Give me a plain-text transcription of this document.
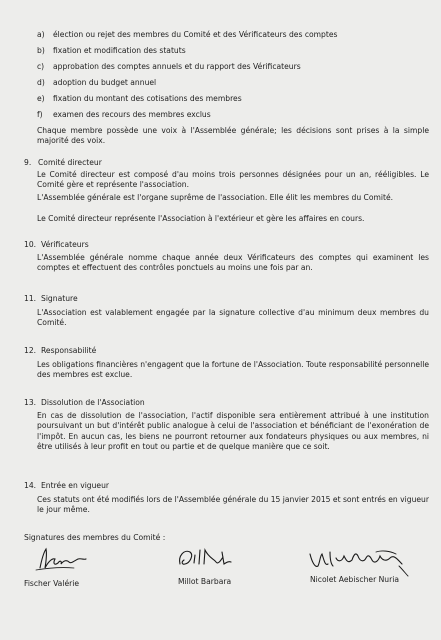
a) élection ou rejet des membres du Comité et des Vérificateurs des comptes
b) fixation et modification des statuts
c) approbation des comptes annuels et du rapport des Vérificateurs
d) adoption du budget annuel
e) fixation du montant des cotisations des membres
f) examen des recours des membres exclus
Chaque membre possède une voix à l'Assemblée générale; les décisions sont prises à la simple majorité des voix.
9. Comité directeur
Le Comité directeur est composé d'au moins trois personnes désignées pour un an, rééligibles. Le Comité gère et représente l'association.
L'Assemblée générale est l'organe suprême de l'association. Elle élit les membres du Comité.
Le Comité directeur représente l'Association à l'extérieur et gère les affaires en cours.
10. Vérificateurs
L'Assemblée générale nomme chaque année deux Vérificateurs des comptes qui examinent les comptes et effectuent des contrôles ponctuels au moins une fois par an.
11. Signature
L'Association est valablement engagée par la signature collective d'au minimum deux membres du Comité.
12. Responsabilité
Les obligations financières n'engagent que la fortune de l'Association. Toute responsabilité personnelle des membres est exclue.
13. Dissolution de l'Association
En cas de dissolution de l'association, l'actif disponible sera entièrement attribué à une institution poursuivant un but d'intérêt public analogue à celui de l'association et bénéficiant de l'exonération de l'impôt. En aucun cas, les biens ne pourront retourner aux fondateurs physiques ou aux membres, ni être utilisés à leur profit en tout ou partie et de quelque manière que ce soit.
14. Entrée en vigueur
Ces statuts ont été modifiés lors de l'Assemblée générale du 15 janvier 2015 et sont entrés en vigueur le jour même.
Signatures des membres du Comité :
Fischer Valérie	Millot Barbara	Nicolet Aebischer Nuria
